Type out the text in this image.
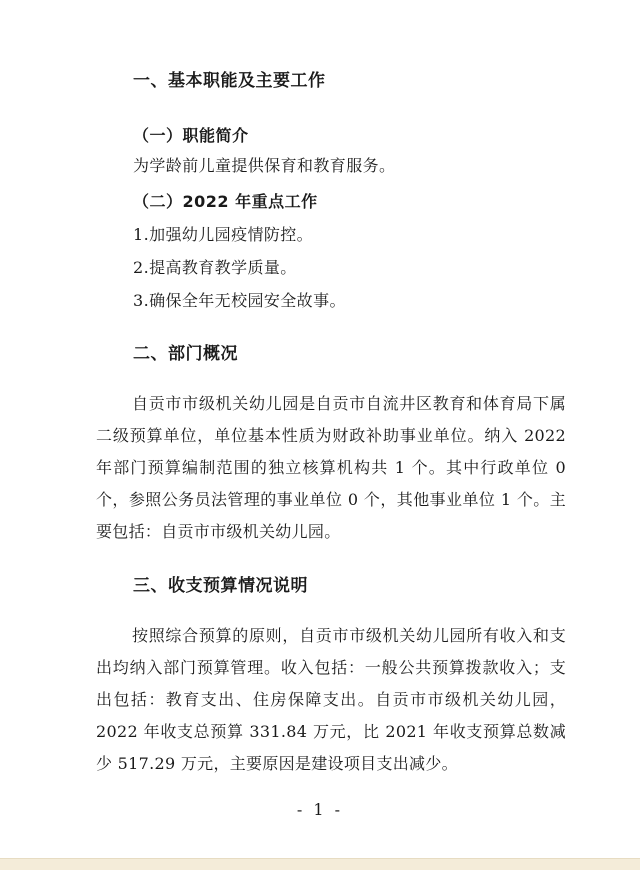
一、基本职能及主要工作
（一）职能简介
为学龄前儿童提供保育和教育服务。
（二）2022 年重点工作
1.加强幼儿园疫情防控。
2.提高教育教学质量。
3.确保全年无校园安全故事。
二、部门概况

自贡市市级机关幼儿园是自贡市自流井区教育和体育局下属二级预算单位，单位基本性质为财政补助事业单位。纳入 2022 年部门预算编制范围的独立核算机构共 1 个。其中行政单位 0 个，参照公务员法管理的事业单位 0 个，其他事业单位 1 个。主要包括：自贡市市级机关幼儿园。

三、收支预算情况说明

按照综合预算的原则，自贡市市级机关幼儿园所有收入和支出均纳入部门预算管理。收入包括：一般公共预算拨款收入；支出包括：教育支出、住房保障支出。自贡市市级机关幼儿园，2022 年收支总预算 331.84 万元，比 2021 年收支预算总数减少 517.29 万元，主要原因是建设项目支出减少。

- 1 -
